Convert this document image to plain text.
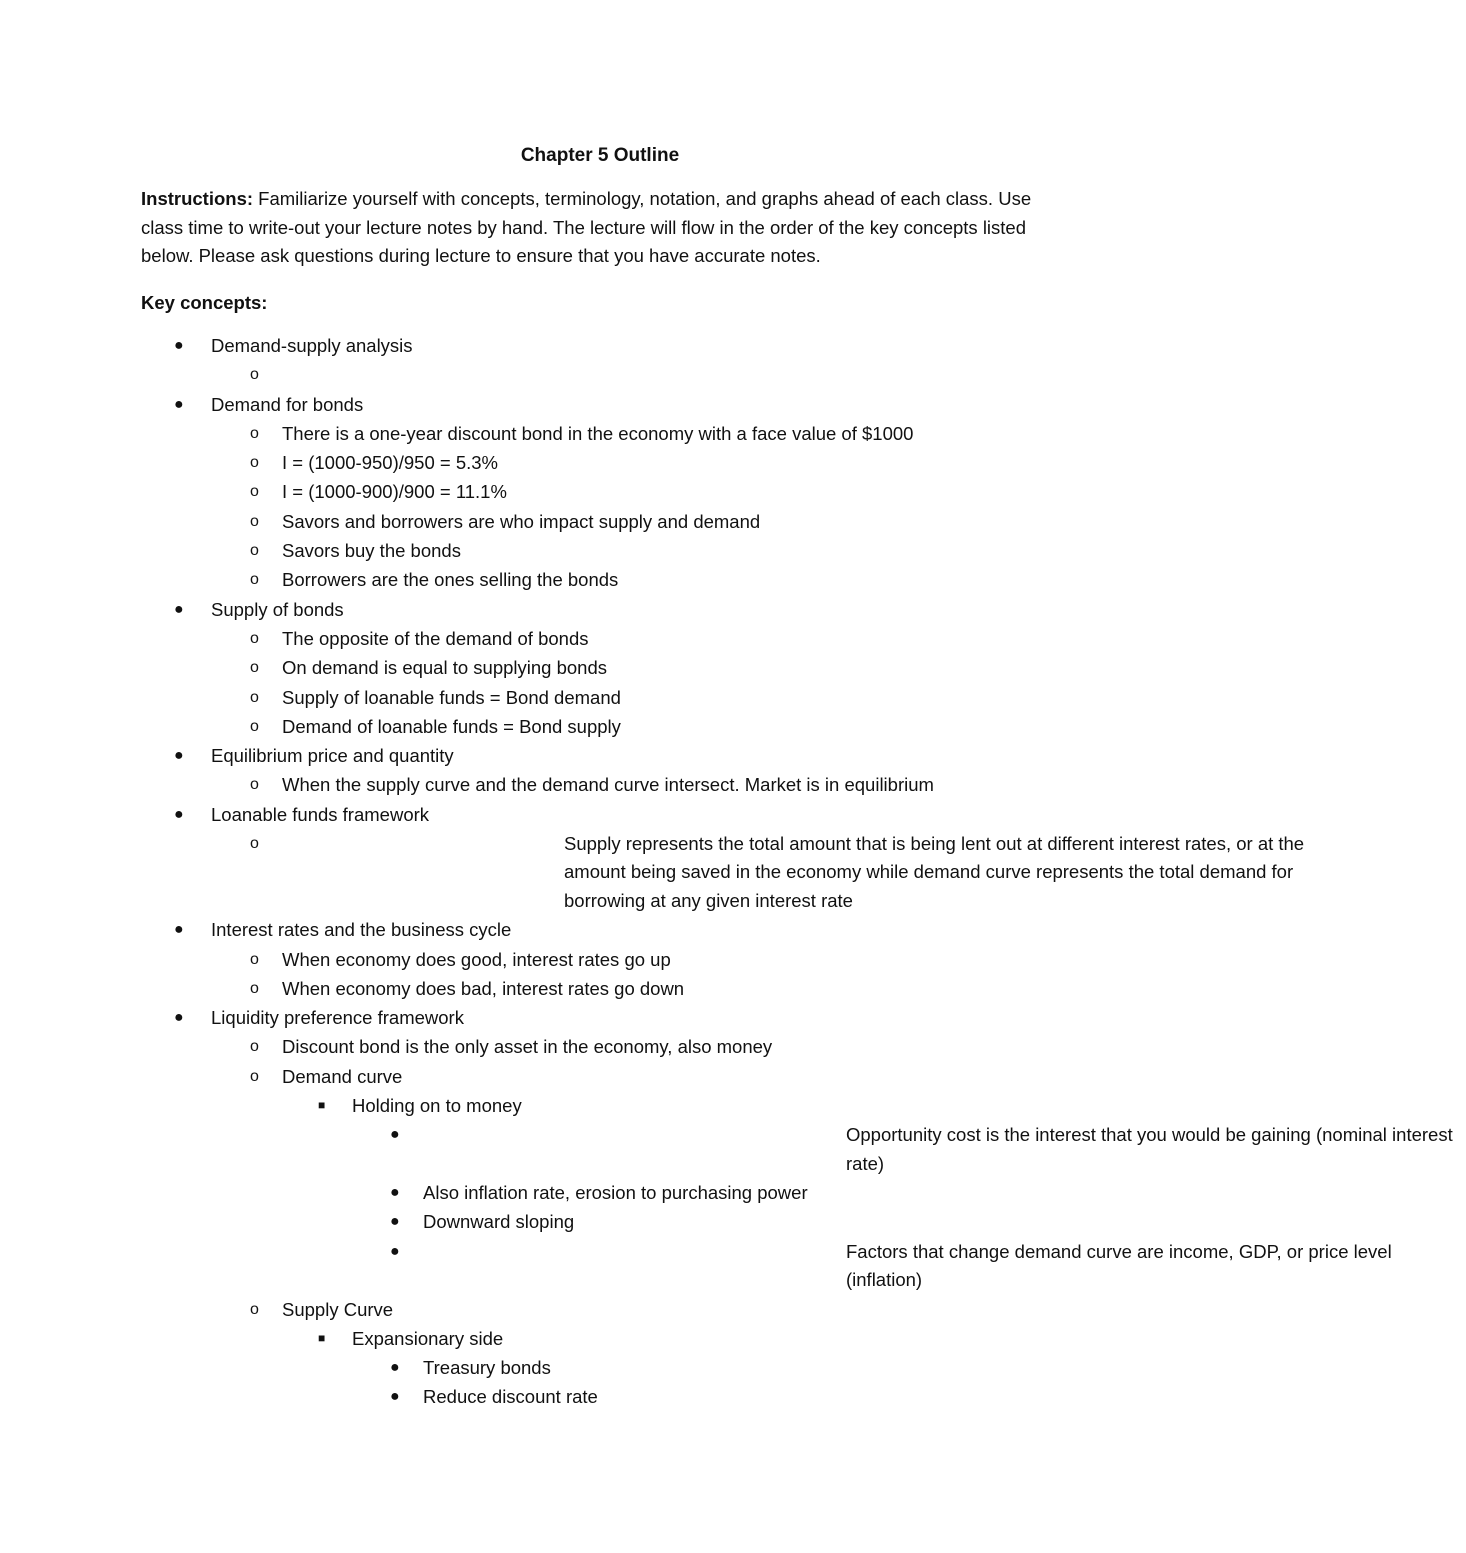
Chapter 5 Outline
Instructions: Familiarize yourself with concepts, terminology, notation, and graphs ahead of each class. Use class time to write-out your lecture notes by hand. The lecture will flow in the order of the key concepts listed below. Please ask questions during lecture to ensure that you have accurate notes.
Key concepts:
● Demand-supply analysis
o
● Demand for bonds
o There is a one-year discount bond in the economy with a face value of $1000
o I = (1000-950)/950 = 5.3%
o I = (1000-900)/900 = 11.1%
o Savors and borrowers are who impact supply and demand
o Savors buy the bonds
o Borrowers are the ones selling the bonds
● Supply of bonds
o The opposite of the demand of bonds
o On demand is equal to supplying bonds
o Supply of loanable funds = Bond demand
o Demand of loanable funds = Bond supply
● Equilibrium price and quantity
o When the supply curve and the demand curve intersect. Market is in equilibrium
● Loanable funds framework
o	Supply represents the total amount that is being lent out at different interest rates, or at the amount being saved in the economy while demand curve represents the total demand for borrowing at any given interest rate
● Interest rates and the business cycle
o When economy does good, interest rates go up
o When economy does bad, interest rates go down
● Liquidity preference framework
o Discount bond is the only asset in the economy, also money
o Demand curve
■ Holding on to money
●	Opportunity cost is the interest that you would be gaining (nominal interest rate)
● Also inflation rate, erosion to purchasing power
● Downward sloping
●	Factors that change demand curve are income, GDP, or price level (inflation)
o Supply Curve
■ Expansionary side
● Treasury bonds
● Reduce discount rate
